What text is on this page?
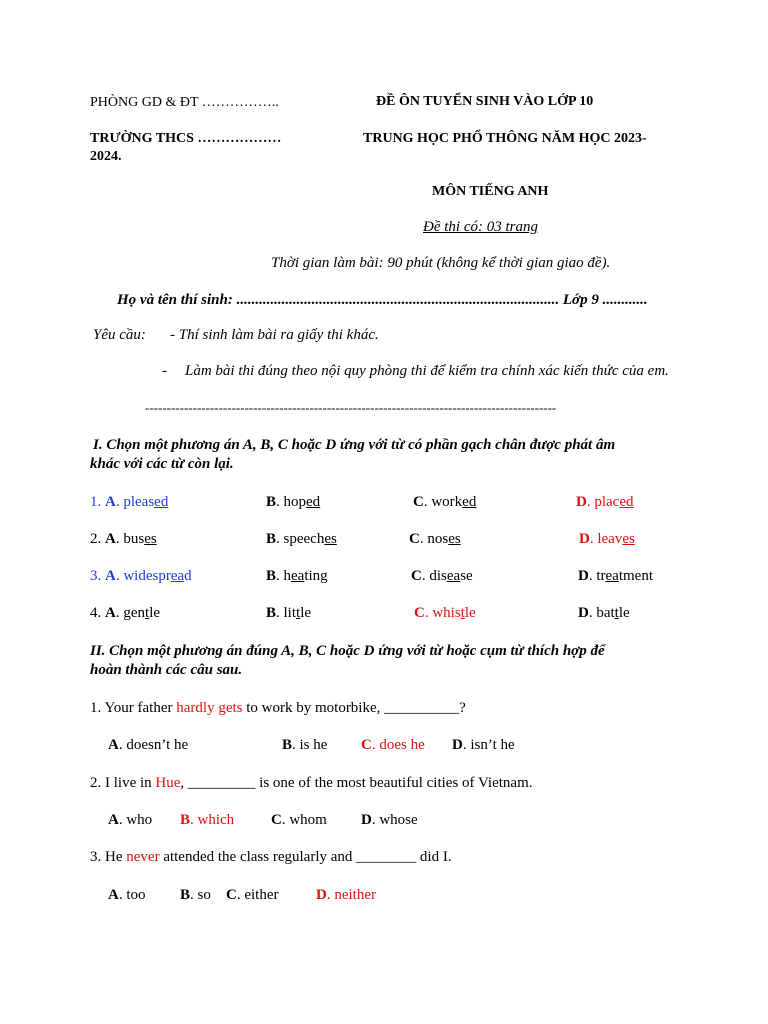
PHÒNG GD & ĐT ……………..	ĐỀ ÔN TUYỂN SINH VÀO LỚP 10
TRƯỜNG THCS ………………	TRUNG HỌC PHỔ THÔNG NĂM HỌC 2023-
2024.
MÔN TIẾNG ANH
Đề thi có: 03 trang
Thời gian làm bài: 90 phút (không kể thời gian giao đề).
Họ và tên thí sinh: ...................................................................................... Lớp 9 ............
Yêu cầu: - Thí sinh làm bài ra giấy thi khác.
- Làm bài thi đúng theo nội quy phòng thi để kiểm tra chính xác kiến thức của em.
-----------------------------------------------------------------------------------------------
I. Chọn một phương án A, B, C hoặc D ứng với từ có phần gạch chân được phát âm
khác với các từ còn lại.
1. A. pleased	B. hoped	C. worked	D. placed
2. A. buses	B. speeches	C. noses	D. leaves
3. A. widespread	B. heating	C. disease	D. treatment
4. A. gentle	B. little	C. whistle	D. battle
II. Chọn một phương án đúng A, B, C hoặc D ứng với từ hoặc cụm từ thích hợp để
hoàn thành các câu sau.
1. Your father hardly gets to work by motorbike, __________?
A. doesn’t he	B. is he C. does he D. isn’t he
2. I live in Hue, _________ is one of the most beautiful cities of Vietnam.
A. who B. which C. whom D. whose
3. He never attended the class regularly and ________ did I.
A. too B. so C. either	D. neither
